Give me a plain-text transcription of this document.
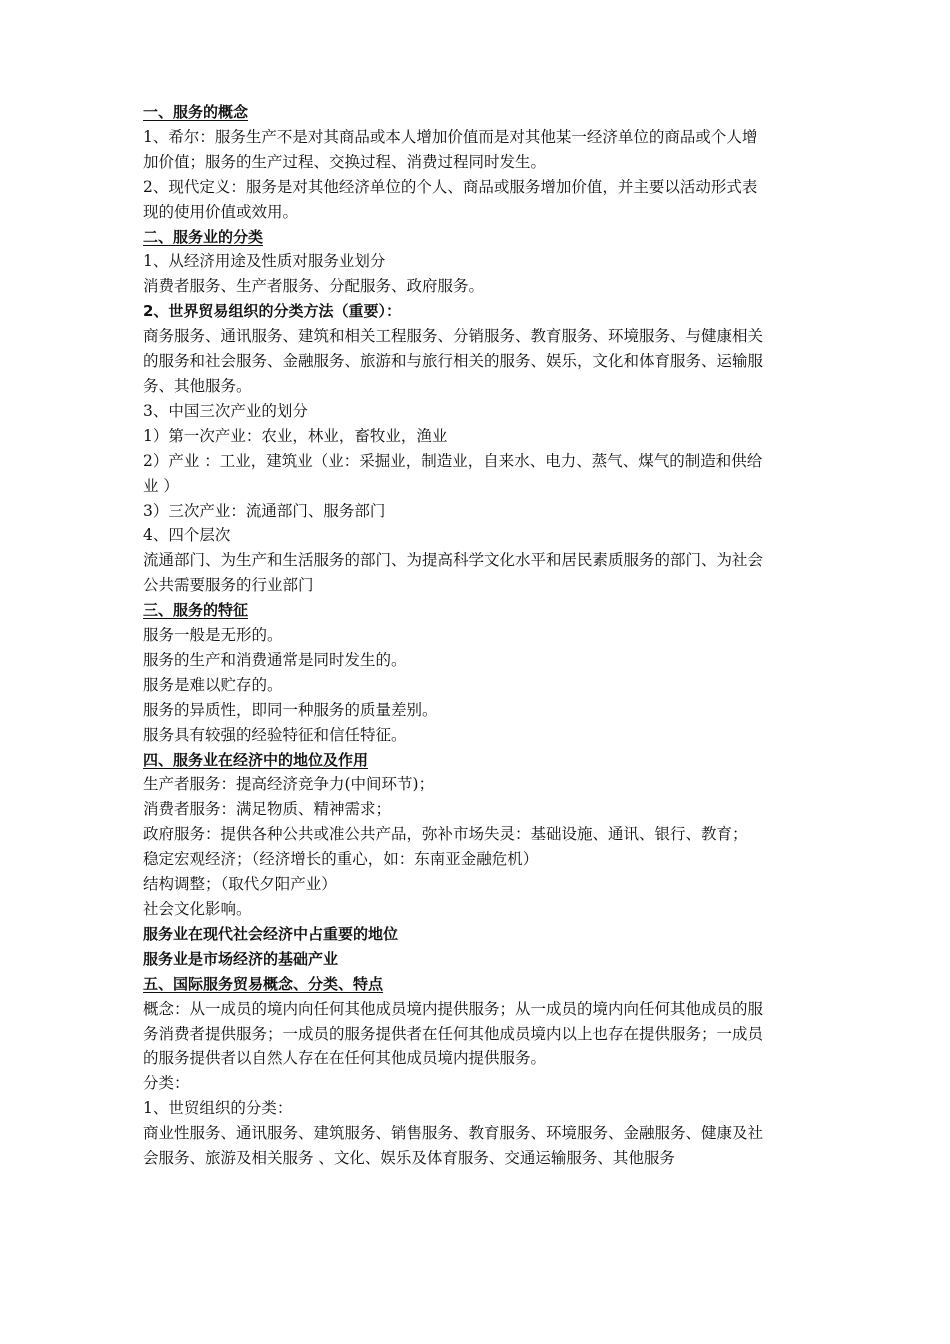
一、服务的概念
1、希尔：服务生产不是对其商品或本人增加价值而是对其他某一经济单位的商品或个人增
加价值；服务的生产过程、交换过程、消费过程同时发生。
2、现代定义：服务是对其他经济单位的个人、商品或服务增加价值，并主要以活动形式表
现的使用价值或效用。
二、服务业的分类
1、从经济用途及性质对服务业划分
消费者服务、生产者服务、分配服务、政府服务。
2、世界贸易组织的分类方法（重要）：
商务服务、通讯服务、建筑和相关工程服务、分销服务、教育服务、环境服务、与健康相关
的服务和社会服务、金融服务、旅游和与旅行相关的服务、娱乐，文化和体育服务、运输服
务、其他服务。
3、中国三次产业的划分
1）第一次产业：农业，林业，畜牧业，渔业
2）产业 ：工业，建筑业（业：采掘业，制造业，自来水、电力、蒸气、煤气的制造和供给
业 ）
3）三次产业：流通部门、服务部门
4、四个层次
流通部门、为生产和生活服务的部门、为提高科学文化水平和居民素质服务的部门、为社会
公共需要服务的行业部门
三、服务的特征
服务一般是无形的。
服务的生产和消费通常是同时发生的。
服务是难以贮存的。
服务的异质性，即同一种服务的质量差别。
服务具有较强的经验特征和信任特征。
四、服务业在经济中的地位及作用
生产者服务：提高经济竞争力(中间环节)；
消费者服务：满足物质、精神需求；
政府服务：提供各种公共或准公共产品，弥补市场失灵：基础设施、通讯、银行、教育；
稳定宏观经济；（经济增长的重心，如：东南亚金融危机）
结构调整；（取代夕阳产业）
社会文化影响。
服务业在现代社会经济中占重要的地位
服务业是市场经济的基础产业
五、国际服务贸易概念、分类、特点
概念：从一成员的境内向任何其他成员境内提供服务；从一成员的境内向任何其他成员的服
务消费者提供服务；一成员的服务提供者在任何其他成员境内以上也存在提供服务；一成员
的服务提供者以自然人存在在任何其他成员境内提供服务。
分类：
1、世贸组织的分类：
商业性服务、通讯服务、建筑服务、销售服务、教育服务、环境服务、金融服务、健康及社
会服务、旅游及相关服务 、文化、娱乐及体育服务、交通运输服务、其他服务
